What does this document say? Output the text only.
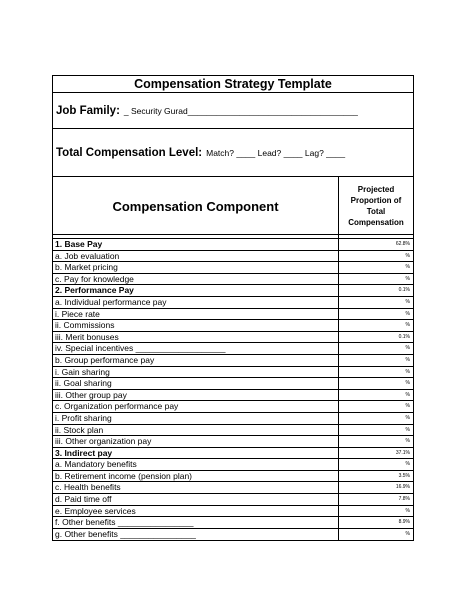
Compensation Strategy Template
Job Family: _ Security Gurad____________________________________
Total Compensation Level: Match? ____ Lead? ____ Lag? ____
Compensation Component
Projected Proportion of Total Compensation
1. Base Pay	62.8%
a. Job evaluation	%
b. Market pricing	%
c. Pay for knowledge	%
2. Performance Pay	0.1%
a. Individual performance pay	%
i. Piece rate	%
ii. Commissions	%
iii. Merit bonuses	0.1%
iv. Special incentives ___________________	%
b. Group performance pay	%
i. Gain sharing	%
ii. Goal sharing	%
iii. Other group pay	%
c. Organization performance pay	%
i. Profit sharing	%
ii. Stock plan	%
iii. Other organization pay	%
3. Indirect pay	37.1%
a. Mandatory benefits	%
b. Retirement income (pension plan)	3.5%
c. Health benefits	16.9%
d. Paid time off	7.8%
e. Employee services	%
f. Other benefits ________________	8.9%
g. Other benefits ________________	%
